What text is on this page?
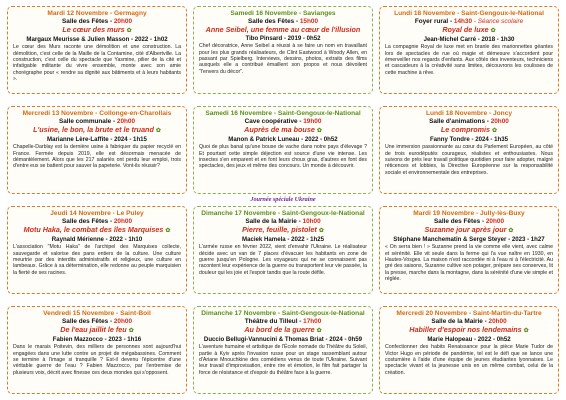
Mardi 12 Novembre - Germagny
Salle des Fêtes - 20h00
Le cœur des murs ✿
Margaux Meurisse & Julien Masson - 2022 - 1h02
Le cœur des Murs raconte une démolition et une construction. La démolition, c'est celle de la Maille de la Contamine, cité d'Albertville. La construction, c'est celle du spectacle que Yasmine, pilier de la cité et infatigable militante du vivre ensemble, monte avec son amie chorégraphe pour « rendre sa dignité aux bâtiments et à leurs habitants ».
Mercredi 13 Novembre - Collonge-en-Charollais
Salle communale - 20h00
L'usine, le bon, la brute et le truand ✿
Marianne Lère-Laffite - 2024 - 1h15
Chapelle-Darblay est la dernière usine à fabriquer du papier recyclé en France. Fermée depuis 2019, elle est désormais menacée de démantèlement. Alors que les 217 salariés ont perdu leur emploi, trois d'entre eux se battent pour sauver la papeterie. Vont-ils réussir?
Jeudi 14 Novembre - Le Puley
Salle des Fêtes - 20h00
Motu Haka, le combat des îles Marquises ✿
Raynald Mérienne - 2022 - 1h10
L'association "Motu Haka" de l'archipel des Marquises collecte, sauvegarde et valorise des pans entiers de la culture. Une culture meurtrie par des interdits administratifs et religieux, une culture en lambeaux. Grâce à sa détermination, elle redonne au peuple marquisien la fierté de ses racines.
Vendredi 15 Novembre - Saint-Boil
Salle des Fêtes - 20h00
De l'eau jaillit le feu ✿
Fabien Mazzocco - 2023 - 1h16
Dans le marais Poitevin, des milliers de personnes sont aujourd'hui engagées dans une lutte contre un projet de mégabassines. Comment se termine à l'image si tranquille ? Est-il devenu l'épicentre d'une véritable guerre de l'eau ? Fabien Mazzocco, par l'entremise de plusieurs voix, décrit avec finesse ces deux mondes qui s'opposent.
Samedi 16 Novembre - Savianges
Salle des Fêtes - 15h00
Anne Seibel, une femme au cœur de l'illusion
Tibo Pinsard - 2019 - 0h52
Chef décoratrice, Anne Seibel a réussi à se faire un nom en travaillant pour les plus grands réalisateurs, de Clint Eastwood à Woody Allen, en passant par Spielberg. Interviews, dessins, photos, extraits des films auxquels elle a contribué émaillent son propos et nous dévoilent "l'envers du décor".
Samedi 16 Novembre - Saint-Gengoux-le-National
Cave coopérative - 19h00
Auprès de ma bouse ✿
Manon & Patrick Luneau - 2022 - 0h52
Quoi de plus banal qu'une bouse de vache dans notre pays d'élevage ? Et pourtant cette simple déjection est source d'une vie intense. Les insectes s'en emparent et en font leurs choux gras, d'autres en font des spectacles, des jeux et même des concours. Un monde à découvrir.
Journée spéciale Ukraine
Dimanche 17 Novembre - Saint-Gengoux-le-National
Salle de la Mairie - 10h00
Pierre, feuille, pistolet ✿
Maciek Hamela - 2022 - 1h25
L'armée russe en février 2022, vient d'envahir l'Ukraine. Le réalisateur décide avec un van de 7 places d'évacuer les habitants en zone de guerre jusqu'en Pologne. Les voyageurs qui ne se connaissent pas racontent leur expérience de la guerre ou transportent leur vie passée, la douleur qui les joie et l'espoir tandis que la route défile.
Dimanche 17 Novembre - Saint-Gengoux-le-National
Théâtre du Tilleul - 17h00
Au bord de la guerre ✿
Duccio Bellugi-Vannucini & Thomas Briat - 2024 - 0h59
L'aventure humaine et artistique de l'École nomade du Théâtre du Soleil, partie à Kyiv après l'invasion russe pour un stage rassemblant autour d'Ariane Mnouchkine des comédiens venus de toute l'Ukraine. Suivant leur travail d'improvisation, entre rire et émotion, le film fait partager la force de résistance et d'espoir du théâtre face à la guerre.
Lundi 18 Novembre - Saint-Gengoux-le-National
Foyer rural - 14h30 - Séance scolaire
Royal de luxe ✿
Jean-Michel Carré - 2018 - 1h30
La compagnie Royal de luxe met en branle des marionnettes géantes lors de spectacles de rue où magie et démesure s'accordent pour émerveiller nos regards d'enfants. Aux côtés des inventeurs, techniciens et cascadeurs à la créativité sans limites, découvrons les coulisses de cette machine à rêve.
Lundi 18 Novembre - Joncy
Salle d'animations - 20h00
Le compromis ✿
Fanny Tondre - 2024 - 1h35
Une immersion passionnante au cœur du Parlement Européen, au côté de trois eurodéputés courageux, réalistes et enthousiastes. Nous suivons de près leur travail politique quotidien pour faire adopter, malgré réticences et lobbies, la Directive Européenne sur la responsabilité sociale et environnementale des entreprises.
Mardi 19 Novembre - Jully-lès-Buxy
Salle des Fêtes - 20h00
Suzanne jour après jour ✿
Stéphane Manchematin & Serge Steyer - 2023 - 1h27
« On serra bien ! » Suzanne prend la vie comme elle vient, avec calme et sérénité. Elle vit seule dans la ferme qui l'a vue naître en 1930, en Hautes-Vosges. La maison n'est raccordée ni à l'eau ni à l'électricité. Au gré des saisons, Suzanne cultive son potager, prépare ses conserves, lit la presse, marche dans la montagne, dans la sérénité d'une vie simple et réglée.
Mercredi 20 Novembre - Saint-Martin-du-Tartre
Salle de la Mairie - 20h00
Habiller d'espoir nos lendemains ✿
Marie Halopeau - 2022 - 0h52
Confectionner des habits Renaissance pour la pièce Marie Tudor de Victor Hugo en période de pandémie, tel est le défi que se lance une costumière à l'aide d'une équipe de jeunes étudiantes lyonnaises. Le spectacle vivant et la jeunesse unis en un même combat, celui de la création.
